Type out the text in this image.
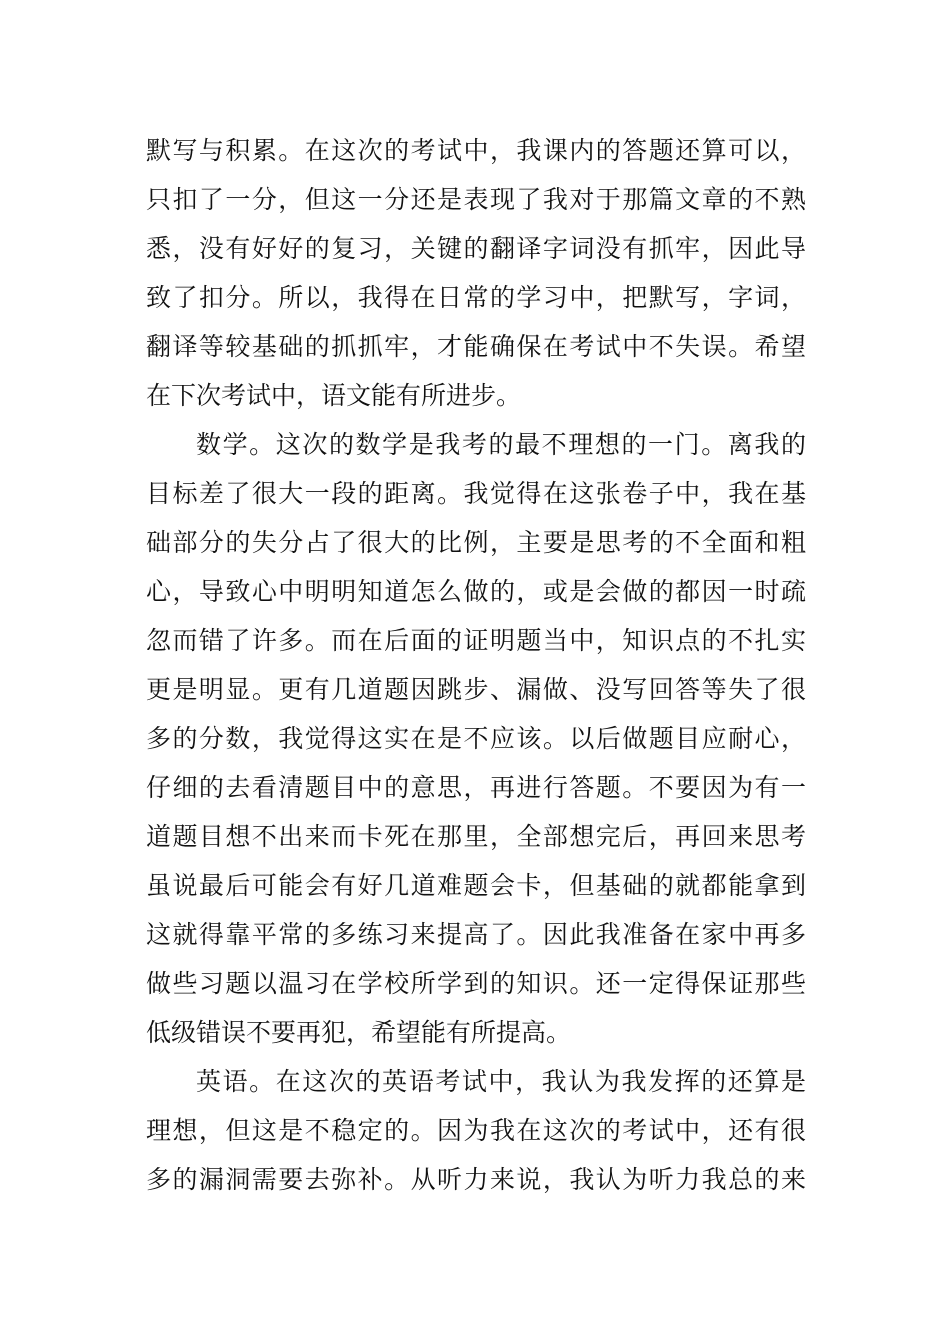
默写与积累。在这次的考试中，我课内的答题还算可以，
只扣了一分，但这一分还是表现了我对于那篇文章的不熟
悉，没有好好的复习，关键的翻译字词没有抓牢，因此导
致了扣分。所以，我得在日常的学习中，把默写，字词，
翻译等较基础的抓抓牢，才能确保在考试中不失误。希望
在下次考试中，语文能有所进步。
数学。这次的数学是我考的最不理想的一门。离我的
目标差了很大一段的距离。我觉得在这张卷子中，我在基
础部分的失分占了很大的比例，主要是思考的不全面和粗
心，导致心中明明知道怎么做的，或是会做的都因一时疏
忽而错了许多。而在后面的证明题当中，知识点的不扎实
更是明显。更有几道题因跳步、漏做、没写回答等失了很
多的分数，我觉得这实在是不应该。以后做题目应耐心，
仔细的去看清题目中的意思，再进行答题。不要因为有一
道题目想不出来而卡死在那里，全部想完后，再回来思考
虽说最后可能会有好几道难题会卡，但基础的就都能拿到
这就得靠平常的多练习来提高了。因此我准备在家中再多
做些习题以温习在学校所学到的知识。还一定得保证那些
低级错误不要再犯，希望能有所提高。
英语。在这次的英语考试中，我认为我发挥的还算是
理想，但这是不稳定的。因为我在这次的考试中，还有很
多的漏洞需要去弥补。从听力来说，我认为听力我总的来
